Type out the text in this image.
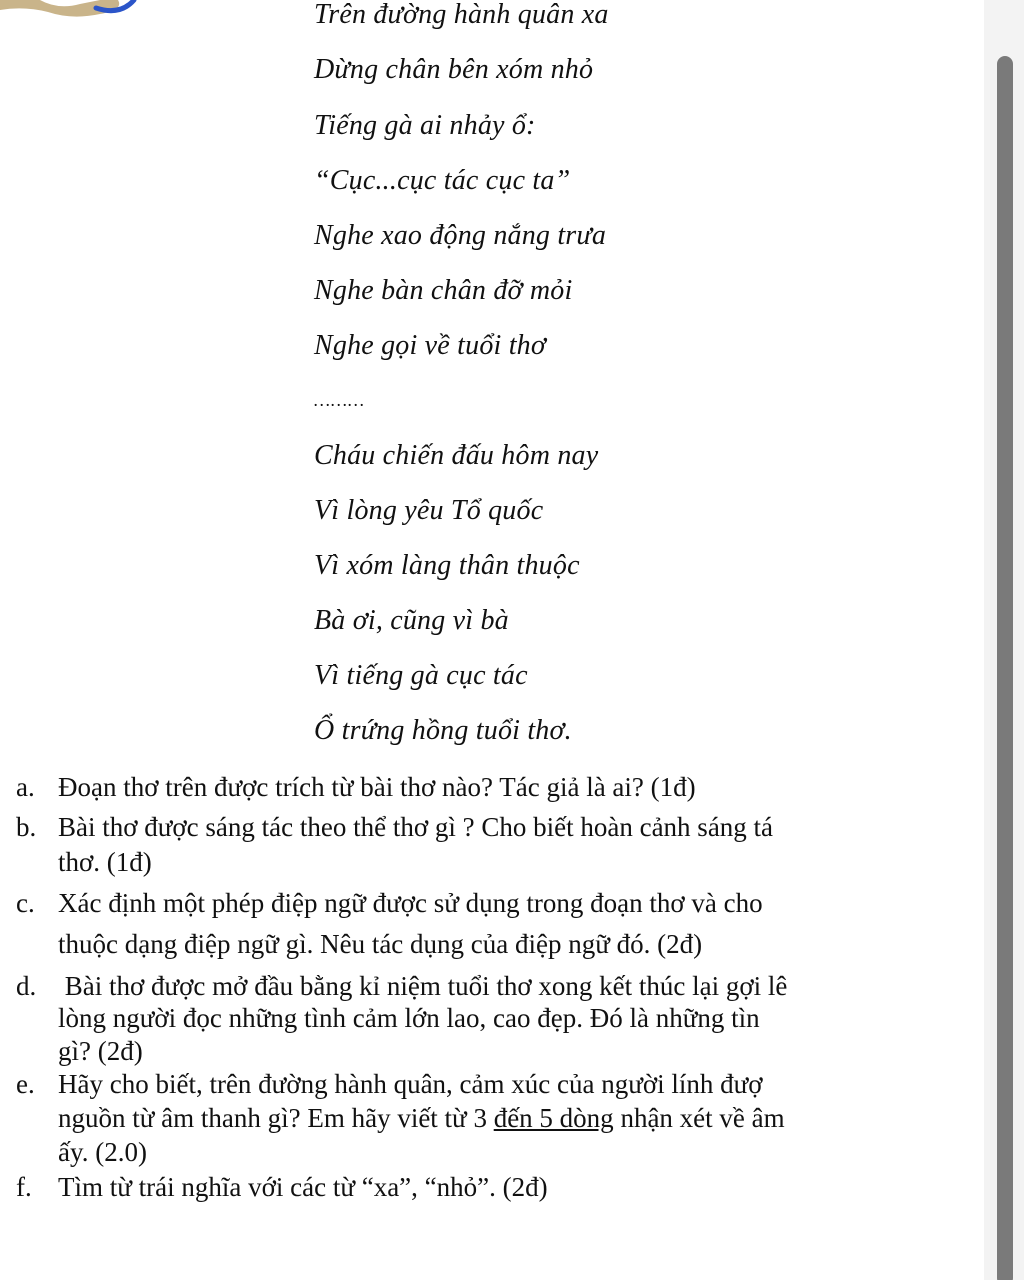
Trên đường hành quân xa
Dừng chân bên xóm nhỏ
Tiếng gà ai nhảy ổ:
“Cục...cục tác cục ta”
Nghe xao động nắng trưa
Nghe bàn chân đỡ mỏi
Nghe gọi về tuổi thơ
………
Cháu chiến đấu hôm nay
Vì lòng yêu Tổ quốc
Vì xóm làng thân thuộc
Bà ơi, cũng vì bà
Vì tiếng gà cục tác
Ổ trứng hồng tuổi thơ.
a. Đoạn thơ trên được trích từ bài thơ nào? Tác giả là ai? (1đ)
b. Bài thơ được sáng tác theo thể thơ gì ? Cho biết hoàn cảnh sáng tá
thơ. (1đ)
c. Xác định một phép điệp ngữ được sử dụng trong đoạn thơ và cho
thuộc dạng điệp ngữ gì. Nêu tác dụng của điệp ngữ đó. (2đ)
d. Bài thơ được mở đầu bằng kỉ niệm tuổi thơ xong kết thúc lại gợi lê
lòng người đọc những tình cảm lớn lao, cao đẹp. Đó là những tìn
gì? (2đ)
e. Hãy cho biết, trên đường hành quân, cảm xúc của người lính đượ
nguồn từ âm thanh gì? Em hãy viết từ 3 đến 5 dòng nhận xét về âm
ấy. (2.0)
f. Tìm từ trái nghĩa với các từ “xa”, “nhỏ”. (2đ)
